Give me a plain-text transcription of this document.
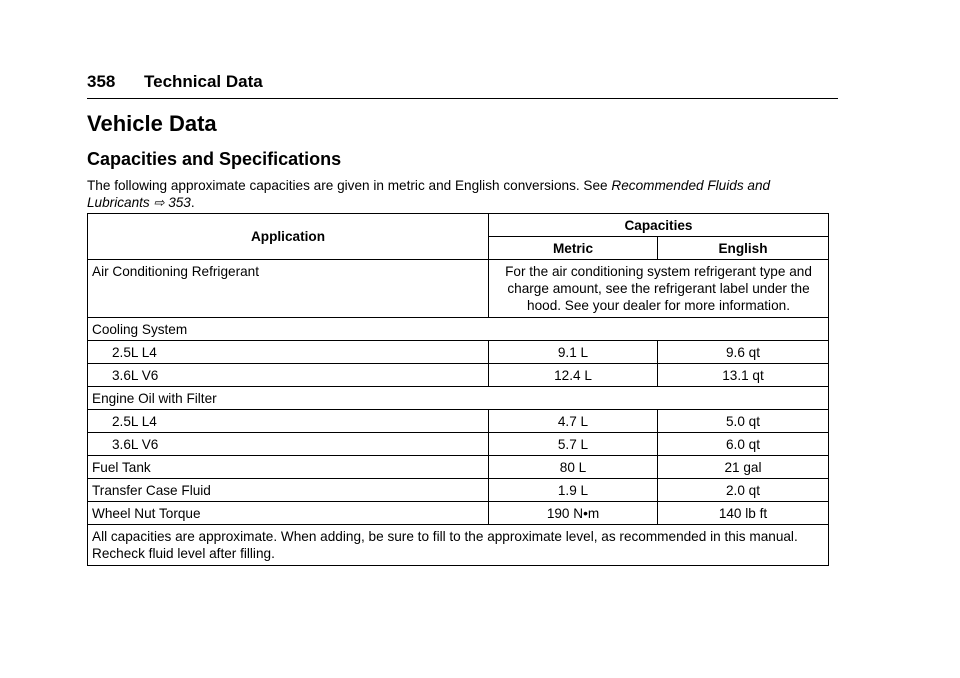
358 Technical Data
Vehicle Data
Capacities and Specifications

The following approximate capacities are given in metric and English conversions. See Recommended Fluids and Lubricants ⇨ 353.

Application	Capacities	
	Metric	English
Air Conditioning Refrigerant	For the air conditioning system refrigerant type and charge amount, see the refrigerant label under the hood. See your dealer for more information.	
Cooling System		
2.5L L4	9.1 L	9.6 qt
3.6L V6	12.4 L	13.1 qt
Engine Oil with Filter		
2.5L L4	4.7 L	5.0 qt
3.6L V6	5.7 L	6.0 qt
Fuel Tank	80 L	21 gal
Transfer Case Fluid	1.9 L	2.0 qt
Wheel Nut Torque	190 N•m	140 lb ft
All capacities are approximate. When adding, be sure to fill to the approximate level, as recommended in this manual. Recheck fluid level after filling.		
